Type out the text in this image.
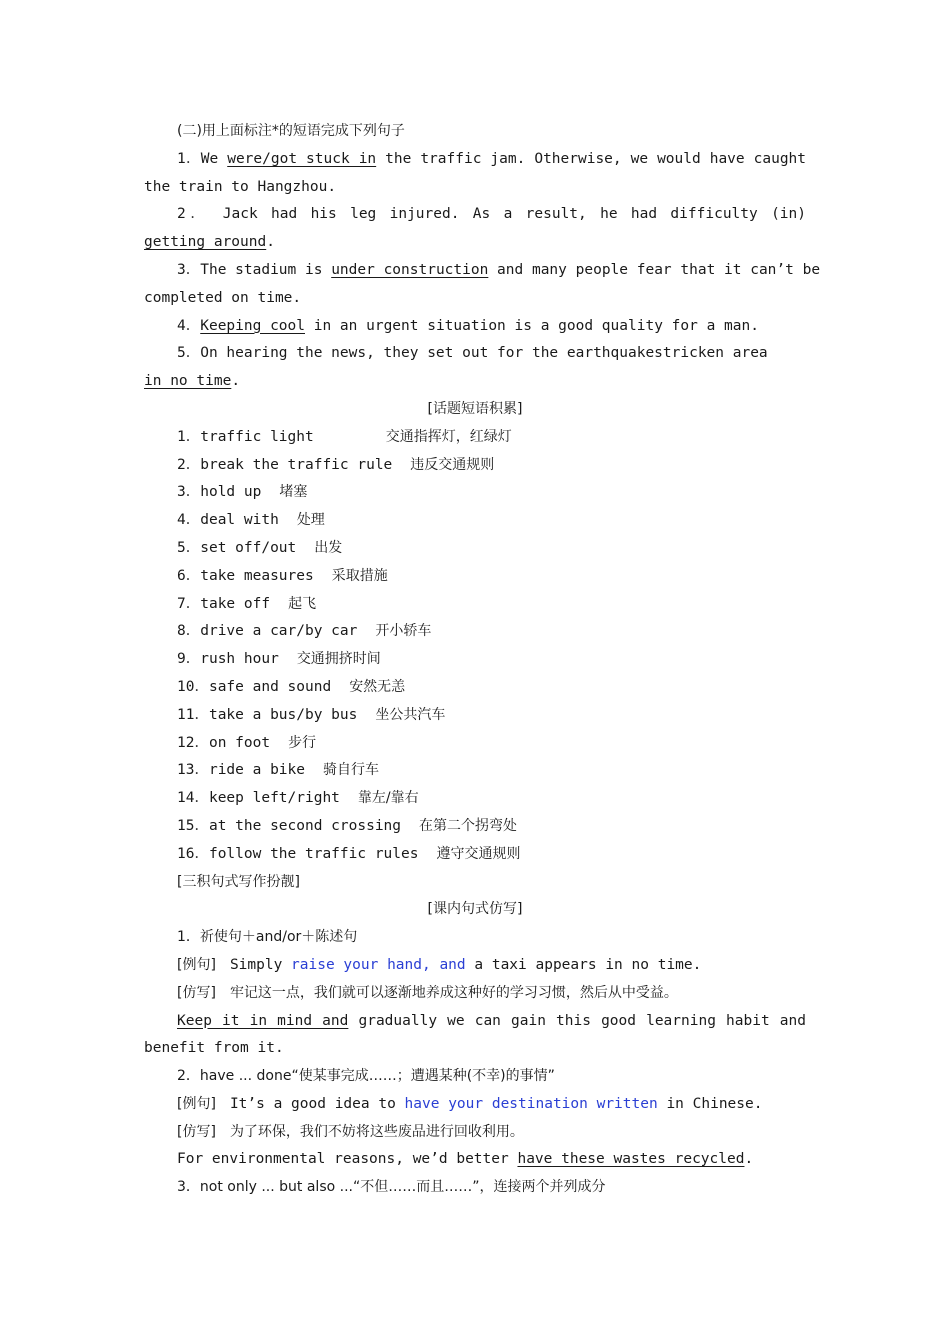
(二)用上面标注*的短语完成下列句子
1．We were/got stuck in the traffic jam. Otherwise, we would have caught
the train to Hangzhou.
2． Jack had his leg injured. As a result, he had difficulty (in)
getting around.
3．The stadium is under construction and many people fear that it can’t be
completed on time.
4．Keeping cool in an urgent situation is a good quality for a man.
5．On hearing the news, they set out for the earthquakestricken area
in no time.
[话题短语积累]
1．traffic light	交通指挥灯，红绿灯
2．break the traffic rule 违反交通规则
3．hold up 堵塞
4．deal with 处理
5．set off/out 出发
6．take measures 采取措施
7．take off 起飞
8．drive a car/by car 开小轿车
9．rush hour 交通拥挤时间
10．safe and sound 安然无恙
11．take a bus/by bus 坐公共汽车
12．on foot 步行
13．ride a bike 骑自行车
14．keep left/right 靠左/靠右
15．at the second crossing 在第二个拐弯处
16．follow the traffic rules 遵守交通规则
[三积句式写作扮靓]
[课内句式仿写]
1．祈使句＋and/or＋陈述句
[例句] Simply raise your hand, and a taxi appears in no time.
[仿写] 牢记这一点，我们就可以逐渐地养成这种好的学习习惯，然后从中受益。
Keep it in mind and gradually we can gain this good learning habit and
benefit from it.
2．have ... done“使某事完成……；遭遇某种(不幸)的事情”
[例句] It’s a good idea to have your destination written in Chinese.
[仿写] 为了环保，我们不妨将这些废品进行回收利用。
For environmental reasons, we’d better have these wastes recycled.
3．not only ... but also ...“不但……而且……”，连接两个并列成分
